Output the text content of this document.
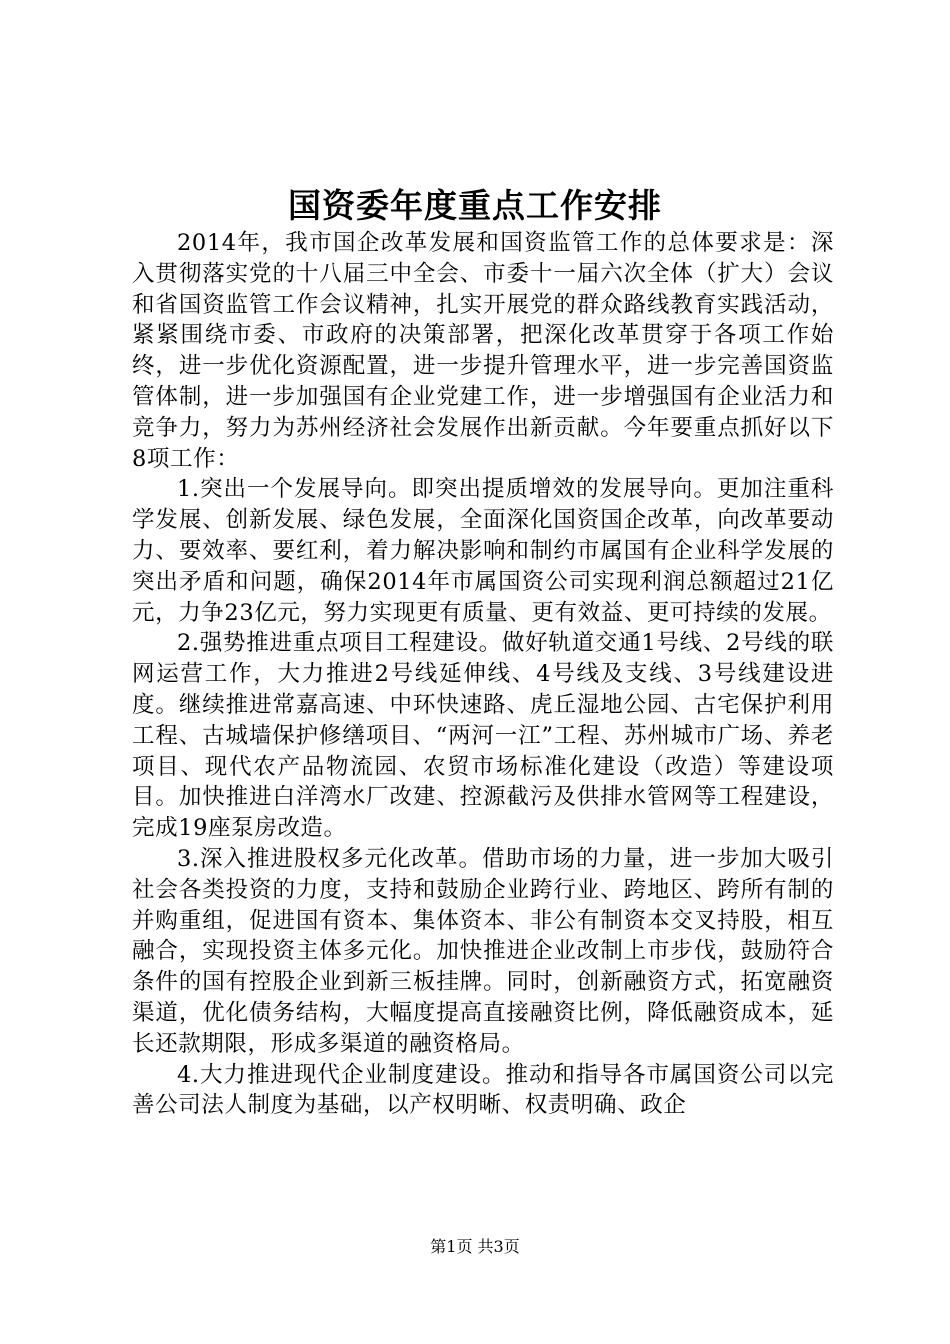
国资委年度重点工作安排

2014年，我市国企改革发展和国资监管工作的总体要求是：深入贯彻落实党的十八届三中全会、市委十一届六次全体（扩大）会议和省国资监管工作会议精神，扎实开展党的群众路线教育实践活动，紧紧围绕市委、市政府的决策部署，把深化改革贯穿于各项工作始终，进一步优化资源配置，进一步提升管理水平，进一步完善国资监管体制，进一步加强国有企业党建工作，进一步增强国有企业活力和竞争力，努力为苏州经济社会发展作出新贡献。今年要重点抓好以下8项工作：

1.突出一个发展导向。即突出提质增效的发展导向。更加注重科学发展、创新发展、绿色发展，全面深化国资国企改革，向改革要动力、要效率、要红利，着力解决影响和制约市属国有企业科学发展的突出矛盾和问题，确保2014年市属国资公司实现利润总额超过21亿元，力争23亿元，努力实现更有质量、更有效益、更可持续的发展。

2.强势推进重点项目工程建设。做好轨道交通1号线、2号线的联网运营工作，大力推进2号线延伸线、4号线及支线、3号线建设进度。继续推进常嘉高速、中环快速路、虎丘湿地公园、古宅保护利用工程、古城墙保护修缮项目、“两河一江”工程、苏州城市广场、养老项目、现代农产品物流园、农贸市场标准化建设（改造）等建设项目。加快推进白洋湾水厂改建、控源截污及供排水管网等工程建设，完成19座泵房改造。

3.深入推进股权多元化改革。借助市场的力量，进一步加大吸引社会各类投资的力度，支持和鼓励企业跨行业、跨地区、跨所有制的并购重组，促进国有资本、集体资本、非公有制资本交叉持股，相互融合，实现投资主体多元化。加快推进企业改制上市步伐，鼓励符合条件的国有控股企业到新三板挂牌。同时，创新融资方式，拓宽融资渠道，优化债务结构，大幅度提高直接融资比例，降低融资成本，延长还款期限，形成多渠道的融资格局。

4.大力推进现代企业制度建设。推动和指导各市属国资公司以完善公司法人制度为基础，以产权明晰、权责明确、政企

第1页 共3页
